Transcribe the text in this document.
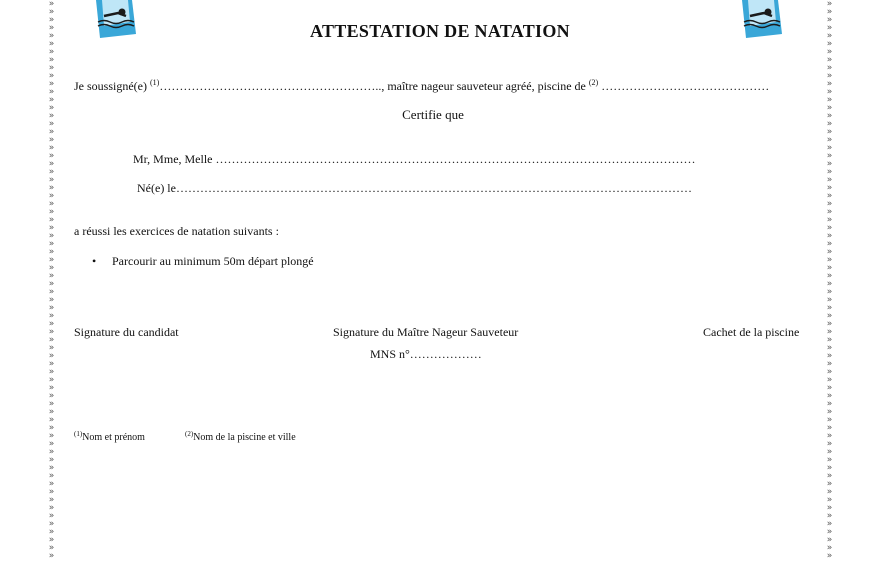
»
»
»
»
»
»
»
»
»
»
»
»
»
»
»
»
»
»
»
»
»
»
»
»
»
»
»
»
»
»
»
»
»
»
»
»
»
»
»
»
»
»
»
»
»
»
»
»
»
»
»
»
»
»
»
»
»
»
»
»
»
»
»
»
»
»
»
»
»
»
»
»
»
»
»
»
»
»
»
»
»
»
»
»
»
»
»
»
»
»
»
»
»
»
»
»
»
»
»
»
»
»
»
»
»
»
»
»
»
»
»
»
»
»
»
»
»
»
»
»
»
»
»
»
»
»
»
»
»
»
»
»
»
»
»
»
»
»
»
»
ATTESTATION DE NATATION
Je soussigné(e) $^{(1)}$……………………………………………….., maître nageur sauveteur agréé, piscine de $^{(2)}$ ……………………………………
Certifie que
Mr, Mme, Melle …………………………………………………………………………………………………………
Né(e) le…………………………………………………………………………………………………………………
a réussi les exercices de natation suivants :
• Parcourir au minimum 50m départ plongé
Signature du candidat	Signature du Maître Nageur Sauveteur	Cachet de la piscine
MNS n°………………
$^{(1)}$Nom et prénom	$^{(2)}$Nom de la piscine et ville
